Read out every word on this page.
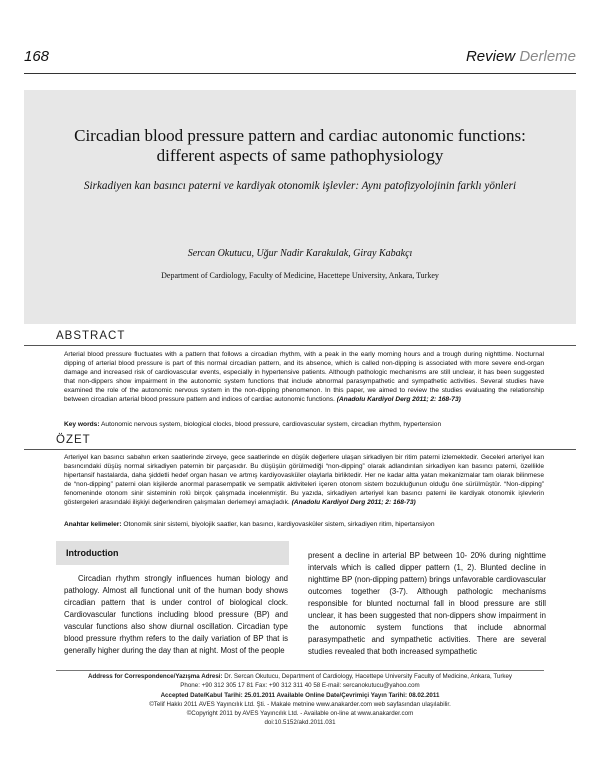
168	Review Derleme
Circadian blood pressure pattern and cardiac autonomic functions: different aspects of same pathophysiology
Sirkadiyen kan basıncı paterni ve kardiyak otonomik işlevler: Aynı patofizyolojinin farklı yönleri
Sercan Okutucu, Uğur Nadir Karakulak, Giray Kabakçı
Department of Cardiology, Faculty of Medicine, Hacettepe University, Ankara, Turkey
ABSTRACT
Arterial blood pressure fluctuates with a pattern that follows a circadian rhythm, with a peak in the early morning hours and a trough during nighttime. Nocturnal dipping of arterial blood pressure is part of this normal circadian pattern, and its absence, which is called non-dipping is associated with more severe end-organ damage and increased risk of cardiovascular events, especially in hypertensive patients. Although pathologic mechanisms are still unclear, it has been suggested that non-dippers show impairment in the autonomic system functions that include abnormal parasympathetic and sympathetic activities. Several studies have examined the role of the autonomic nervous system in the non-dipping phenomenon. In this paper, we aimed to review the studies evaluating the relationship between circadian arterial blood pressure pattern and indices of cardiac autonomic functions. (Anadolu Kardiyol Derg 2011; 2: 168-73)
Key words: Autonomic nervous system, biological clocks, blood pressure, cardiovascular system, circadian rhythm, hypertension
ÖZET
Arteriyel kan basıncı sabahın erken saatlerinde zirveye, gece saatlerinde en düşük değerlere ulaşan sirkadiyen bir ritim paterni izlemektedir. Geceleri arteriyel kan basıncındaki düşüş normal sirkadiyen paternin bir parçasıdır. Bu düşüşün görülmediği “non-dipping” olarak adlandırılan sirkadiyen kan basıncı paterni, özellikle hipertansif hastalarda, daha şiddetli hedef organ hasarı ve artmış kardiyovasküler olaylarla birliktedir. Her ne kadar altta yatan mekanizmalar tam olarak bilinmese de “non-dipping” paterni olan kişilerde anormal parasempatik ve sempatik aktiviteleri içeren otonom sistem bozukluğunun olduğu öne sürülmüştür. “Non-dipping” fenomeninde otonom sinir sisteminin rolü birçok çalışmada incelenmiştir. Bu yazıda, sirkadiyen arteriyel kan basıncı paterni ile kardiyak otonomik işlevlerin göstergeleri arasındaki ilişkiyi değerlendiren çalışmaları derlemeyi amaçladık. (Anadolu Kardiyol Derg 2011; 2: 168-73)
Anahtar kelimeler: Otonomik sinir sistemi, biyolojik saatler, kan basıncı, kardiyovasküler sistem, sirkadiyen ritim, hipertansiyon
Introduction
Circadian rhythm strongly influences human biology and pathology. Almost all functional unit of the human body shows circadian pattern that is under control of biological clock. Cardiovascular functions including blood pressure (BP) and vascular functions also show diurnal oscillation. Circadian type blood pressure rhythm refers to the daily variation of BP that is generally higher during the day than at night. Most of the people
present a decline in arterial BP between 10- 20% during nighttime intervals which is called dipper pattern (1, 2). Blunted decline in nighttime BP (non-dipping pattern) brings unfavorable cardiovascular outcomes together (3-7). Although pathologic mechanisms responsible for blunted nocturnal fall in blood pressure are still unclear, it has been suggested that non-dippers show impairment in the autonomic system functions that include abnormal parasympathetic and sympathetic activities. There are several studies revealed that both increased sympathetic
Address for Correspondence/Yazışma Adresi: Dr. Sercan Okutucu, Department of Cardiology, Hacettepe University Faculty of Medicine, Ankara, Turkey
Phone: +90 312 305 17 81 Fax: +90 312 311 40 58 E-mail: sercanokutucu@yahoo.com
Accepted Date/Kabul Tarihi: 25.01.2011 Available Online Date/Çevrimiçi Yayın Tarihi: 08.02.2011
©Telif Hakkı 2011 AVES Yayıncılık Ltd. Şti. - Makale metnine www.anakarder.com web sayfasından ulaşılabilir.
©Copyright 2011 by AVES Yayıncılık Ltd. - Available on-line at www.anakarder.com
doi:10.5152/akd.2011.031
